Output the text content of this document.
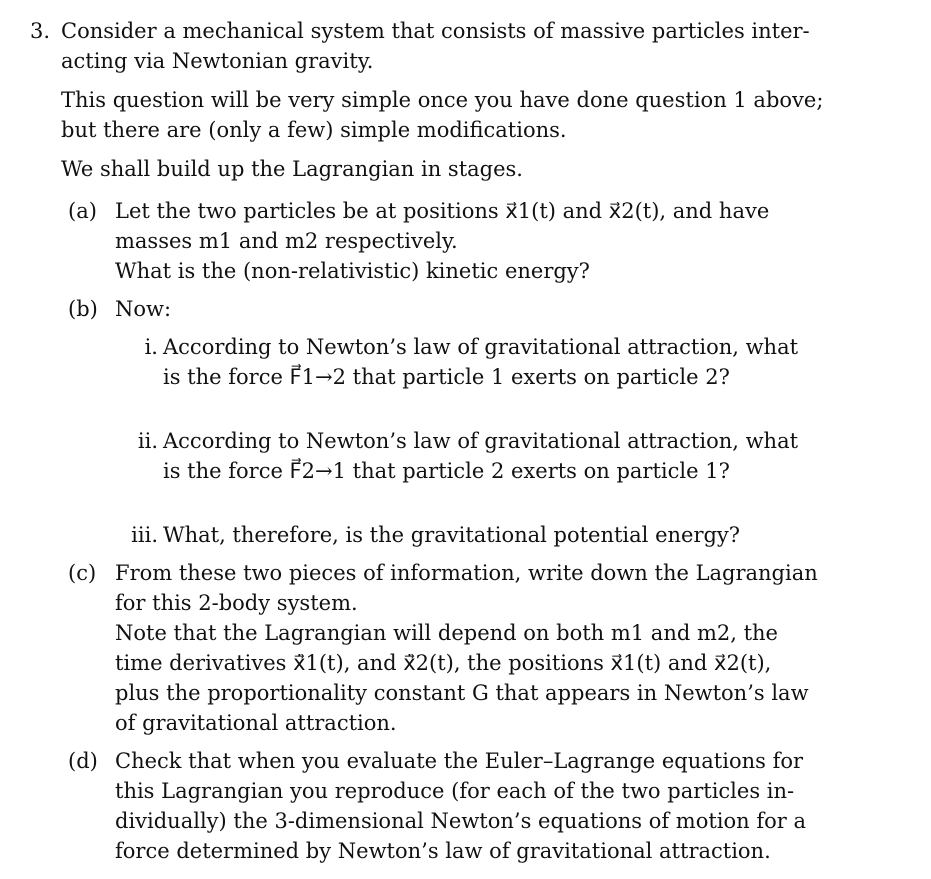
3. Consider a mechanical system that consists of massive particles inter-

acting via Newtonian gravity.

This question will be very simple once you have done question 1 above;

but there are (only a few) simple modifications.

We shall build up the Lagrangian in stages.

(a) Let the two particles be at positions x⃗1(t) and x⃗2(t), and have

masses m1 and m2 respectively.

What is the (non-relativistic) kinetic energy?

(b) Now:

i. According to Newton’s law of gravitational attraction, what

is the force F⃗1→2 that particle 1 exerts on particle 2?

ii. According to Newton’s law of gravitational attraction, what

is the force F⃗2→1 that particle 2 exerts on particle 1?

iii. What, therefore, is the gravitational potential energy?

(c) From these two pieces of information, write down the Lagrangian

for this 2-body system.

Note that the Lagrangian will depend on both m1 and m2, the

time derivatives x⃗̇1(t), and x⃗̇2(t), the positions x⃗1(t) and x⃗2(t),

plus the proportionality constant G that appears in Newton’s law

of gravitational attraction.

(d) Check that when you evaluate the Euler–Lagrange equations for

this Lagrangian you reproduce (for each of the two particles in-

dividually) the 3-dimensional Newton’s equations of motion for a

force determined by Newton’s law of gravitational attraction.
